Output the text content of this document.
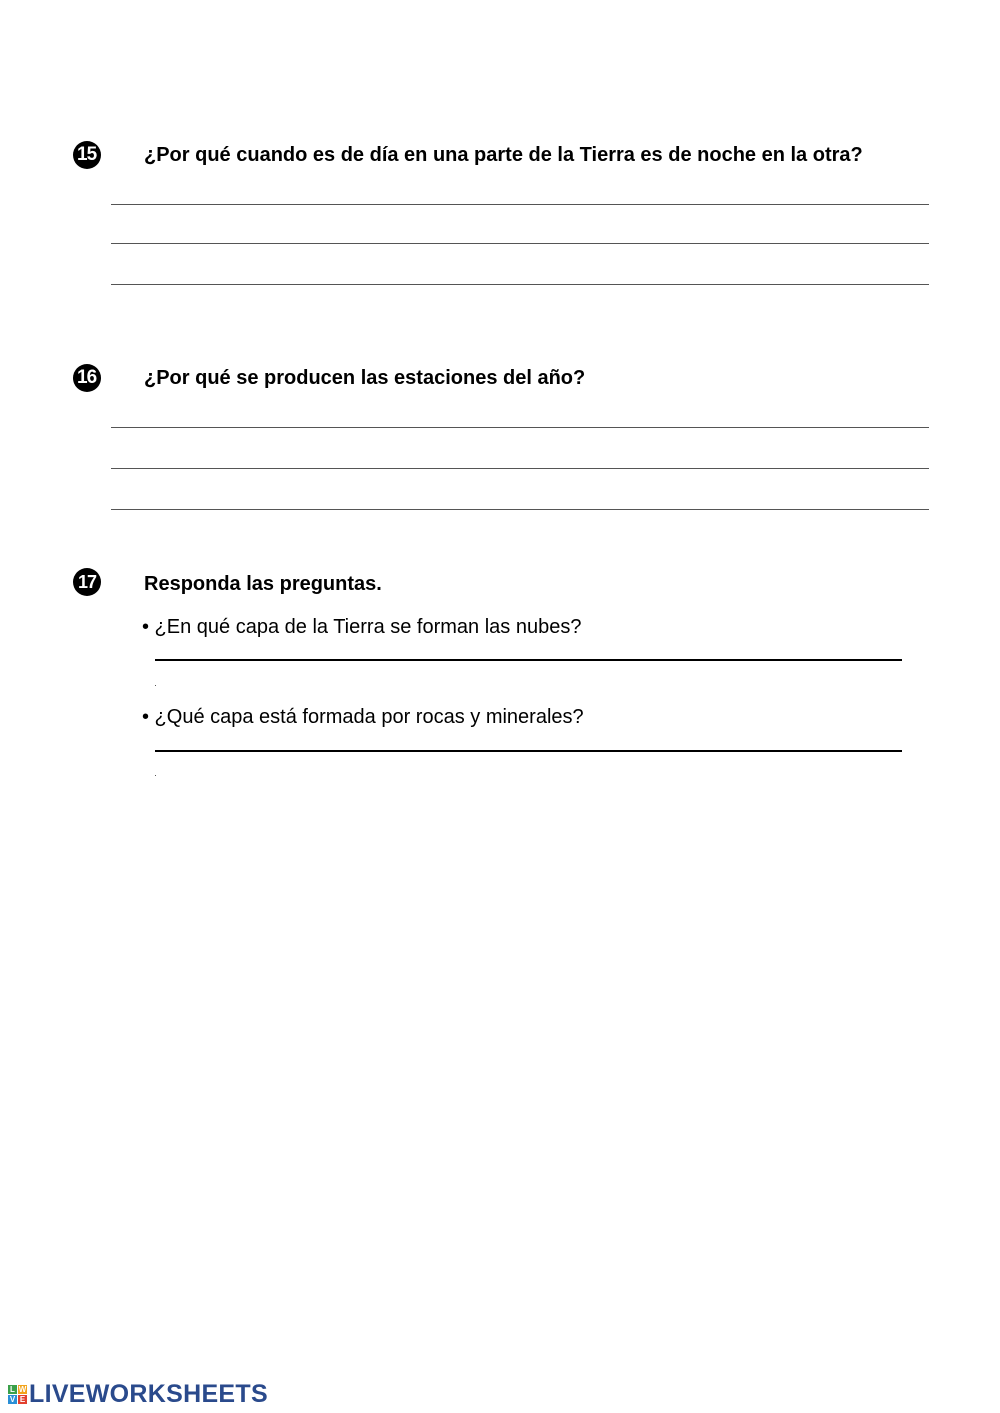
15 ¿Por qué cuando es de día en una parte de la Tierra es de noche en la otra?
16 ¿Por qué se producen las estaciones del año?
17 Responda las preguntas.
• ¿En qué capa de la Tierra se forman las nubes?
• ¿Qué capa está formada por rocas y minerales?
L W
V E LIVEWORKSHEETS
